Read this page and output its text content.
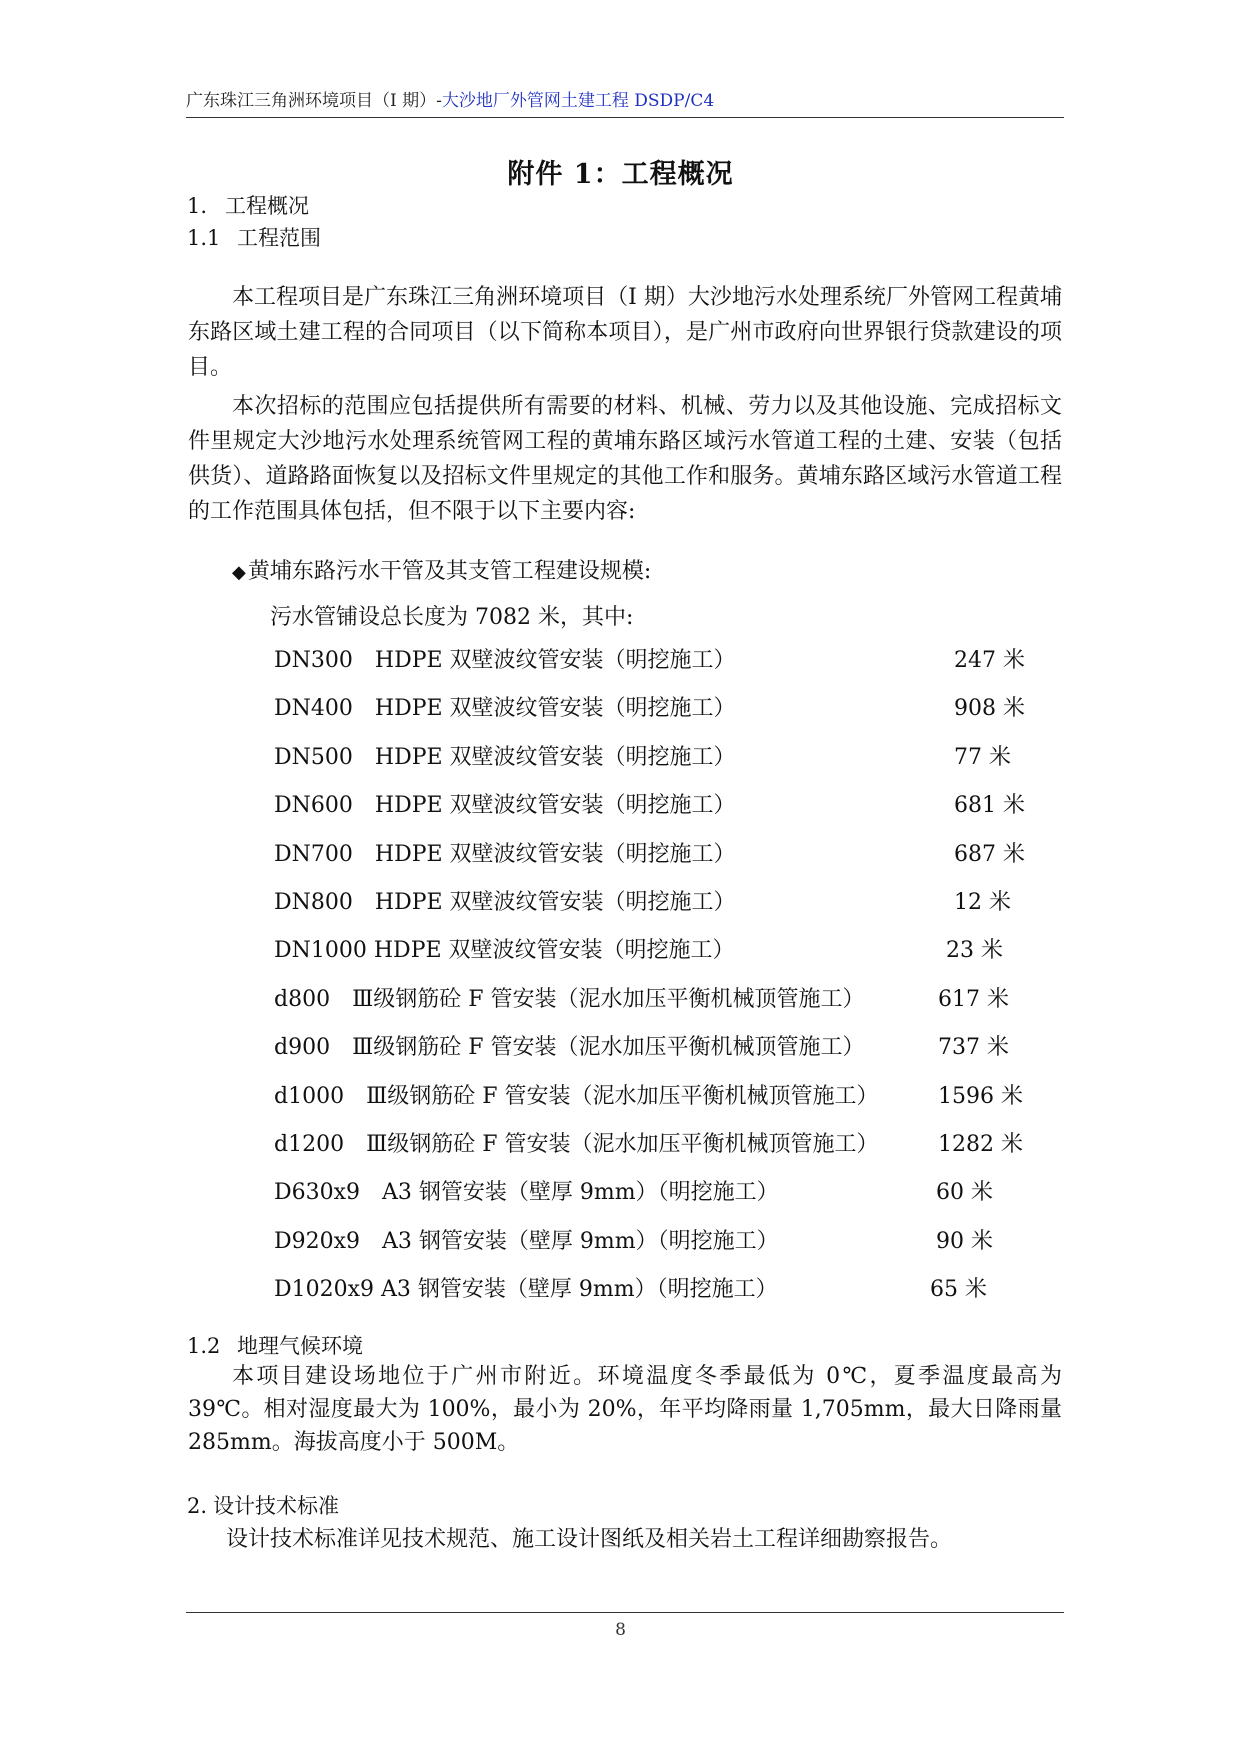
广东珠江三角洲环境项目（I 期）-大沙地厂外管网土建工程 DSDP/C4
附件 1：工程概况
1. 工程概况
1.1 工程范围
本工程项目是广东珠江三角洲环境项目（I 期）大沙地污水处理系统厂外管网工程黄埔东路区域土建工程的合同项目（以下简称本项目），是广州市政府向世界银行贷款建设的项目。
本次招标的范围应包括提供所有需要的材料、机械、劳力以及其他设施、完成招标文件里规定大沙地污水处理系统管网工程的黄埔东路区域污水管道工程的土建、安装（包括供货）、道路路面恢复以及招标文件里规定的其他工作和服务。黄埔东路区域污水管道工程的工作范围具体包括，但不限于以下主要内容:
◆黄埔东路污水干管及其支管工程建设规模:
污水管铺设总长度为 7082 米，其中:
DN300　HDPE 双壁波纹管安装（明挖施工）	247 米
DN400　HDPE 双壁波纹管安装（明挖施工）	908 米
DN500　HDPE 双壁波纹管安装（明挖施工）	77 米
DN600　HDPE 双壁波纹管安装（明挖施工）	681 米
DN700　HDPE 双壁波纹管安装（明挖施工）	687 米
DN800　HDPE 双壁波纹管安装（明挖施工）	12 米
DN1000 HDPE 双壁波纹管安装（明挖施工）	23 米
d800　Ⅲ级钢筋砼 F 管安装（泥水加压平衡机械顶管施工）	617 米
d900　Ⅲ级钢筋砼 F 管安装（泥水加压平衡机械顶管施工）	737 米
d1000　Ⅲ级钢筋砼 F 管安装（泥水加压平衡机械顶管施工）	1596 米
d1200　Ⅲ级钢筋砼 F 管安装（泥水加压平衡机械顶管施工）	1282 米
D630x9　A3 钢管安装（壁厚 9mm）（明挖施工）	60 米
D920x9　A3 钢管安装（壁厚 9mm）（明挖施工）	90 米
D1020x9 A3 钢管安装（壁厚 9mm）（明挖施工）	65 米
1.2 地理气候环境
本项目建设场地位于广州市附近。环境温度冬季最低为 0℃，夏季温度最高为 39℃。相对湿度最大为 100%，最小为 20%，年平均降雨量 1,705mm，最大日降雨量 285mm。海拔高度小于 500M。
2. 设计技术标准
设计技术标准详见技术规范、施工设计图纸及相关岩土工程详细勘察报告。
8
